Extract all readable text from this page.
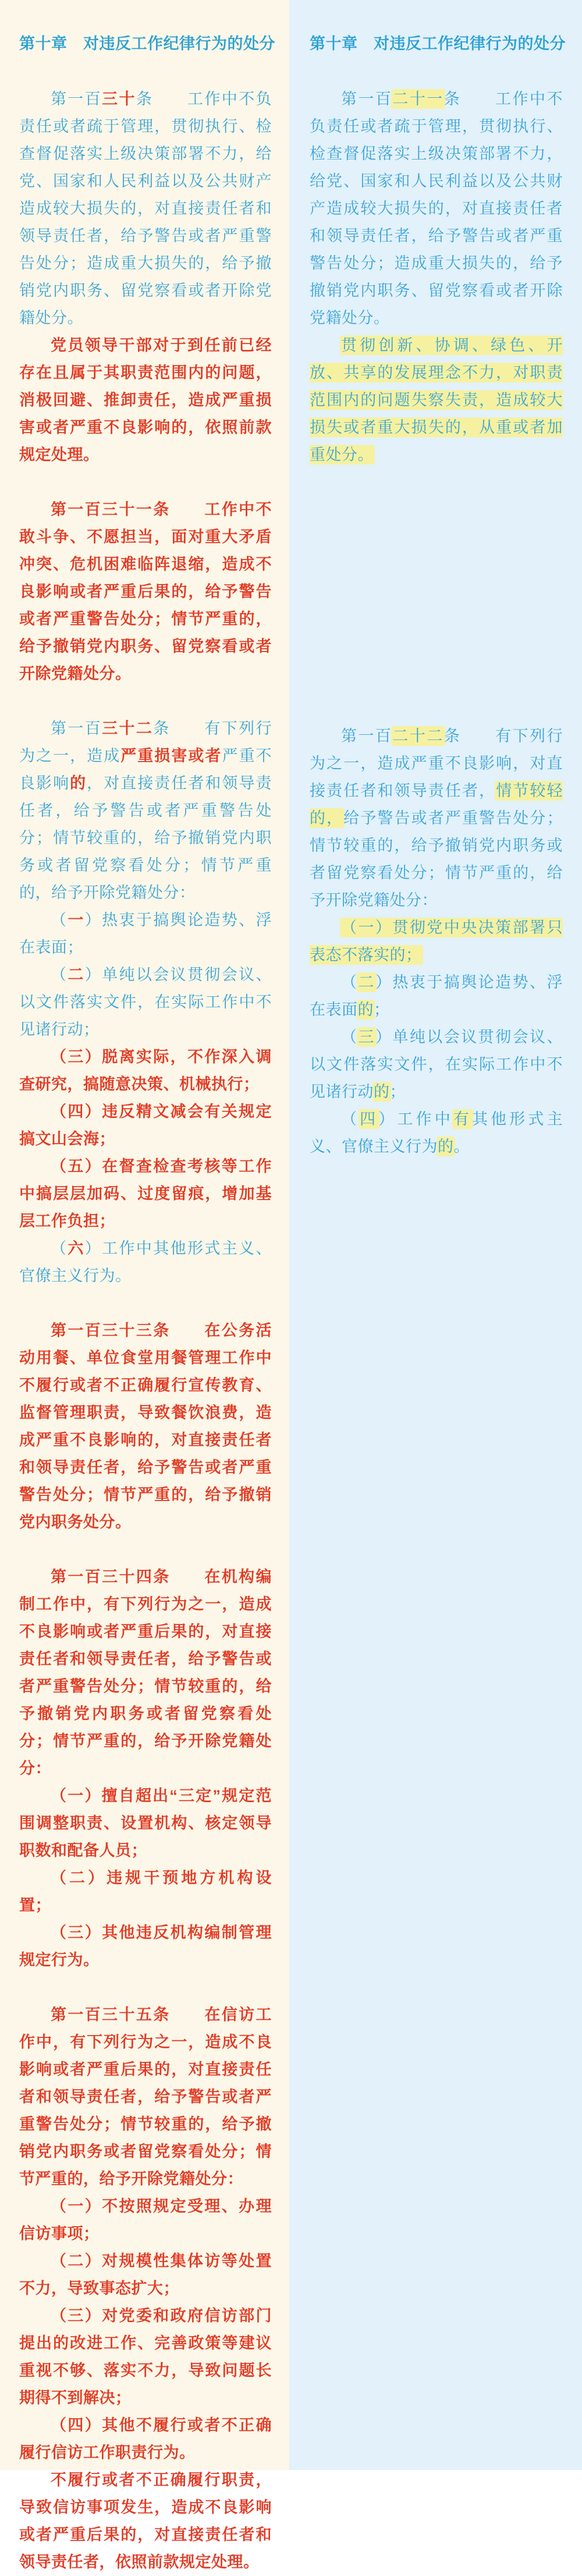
第十章　对违反工作纪律行为的处分

第一百三十条　　工作中不负责任或者疏于管理，贯彻执行、检查督促落实上级决策部署不力，给党、国家和人民利益以及公共财产造成较大损失的，对直接责任者和领导责任者，给予警告或者严重警告处分；造成重大损失的，给予撤销党内职务、留党察看或者开除党籍处分。

党员领导干部对于到任前已经存在且属于其职责范围内的问题，消极回避、推卸责任，造成严重损害或者严重不良影响的，依照前款规定处理。

第一百三十一条　　工作中不敢斗争、不愿担当，面对重大矛盾冲突、危机困难临阵退缩，造成不良影响或者严重后果的，给予警告或者严重警告处分；情节严重的，给予撤销党内职务、留党察看或者开除党籍处分。

第一百三十二条　　有下列行为之一，造成严重损害或者严重不良影响的，对直接责任者和领导责任者，给予警告或者严重警告处分；情节较重的，给予撤销党内职务或者留党察看处分；情节严重的，给予开除党籍处分：

（一）热衷于搞舆论造势、浮在表面；

（二）单纯以会议贯彻会议、以文件落实文件，在实际工作中不见诸行动；

（三）脱离实际，不作深入调查研究，搞随意决策、机械执行；

（四）违反精文减会有关规定搞文山会海；

（五）在督查检查考核等工作中搞层层加码、过度留痕，增加基层工作负担；

（六）工作中其他形式主义、官僚主义行为。

第一百三十三条　　在公务活动用餐、单位食堂用餐管理工作中不履行或者不正确履行宣传教育、监督管理职责，导致餐饮浪费，造成严重不良影响的，对直接责任者和领导责任者，给予警告或者严重警告处分；情节严重的，给予撤销党内职务处分。

第一百三十四条　　在机构编制工作中，有下列行为之一，造成不良影响或者严重后果的，对直接责任者和领导责任者，给予警告或者严重警告处分；情节较重的，给予撤销党内职务或者留党察看处分；情节严重的，给予开除党籍处分：

（一）擅自超出“三定”规定范围调整职责、设置机构、核定领导职数和配备人员；

（二）违规干预地方机构设置；

（三）其他违反机构编制管理规定行为。

第一百三十五条　　在信访工作中，有下列行为之一，造成不良影响或者严重后果的，对直接责任者和领导责任者，给予警告或者严重警告处分；情节较重的，给予撤销党内职务或者留党察看处分；情节严重的，给予开除党籍处分：

（一）不按照规定受理、办理信访事项；

（二）对规模性集体访等处置不力，导致事态扩大；

（三）对党委和政府信访部门提出的改进工作、完善政策等建议重视不够、落实不力，导致问题长期得不到解决；

（四）其他不履行或者不正确履行信访工作职责行为。

不履行或者不正确履行职责，导致信访事项发生，造成不良影响或者严重后果的，对直接责任者和领导责任者，依照前款规定处理。

第十章　对违反工作纪律行为的处分

第一百二十一条　　工作中不负责任或者疏于管理，贯彻执行、检查督促落实上级决策部署不力，给党、国家和人民利益以及公共财产造成较大损失的，对直接责任者和领导责任者，给予警告或者严重警告处分；造成重大损失的，给予撤销党内职务、留党察看或者开除党籍处分。

贯彻创新、协调、绿色、开放、共享的发展理念不力，对职责范围内的问题失察失责，造成较大损失或者重大损失的，从重或者加重处分。

第一百二十二条　　有下列行为之一，造成严重不良影响，对直接责任者和领导责任者，情节较轻的，给予警告或者严重警告处分；情节较重的，给予撤销党内职务或者留党察看处分；情节严重的，给予开除党籍处分：

（一）贯彻党中央决策部署只表态不落实的；

（二）热衷于搞舆论造势、浮在表面的；

（三）单纯以会议贯彻会议、以文件落实文件，在实际工作中不见诸行动的；

（四）工作中有其他形式主义、官僚主义行为的。
